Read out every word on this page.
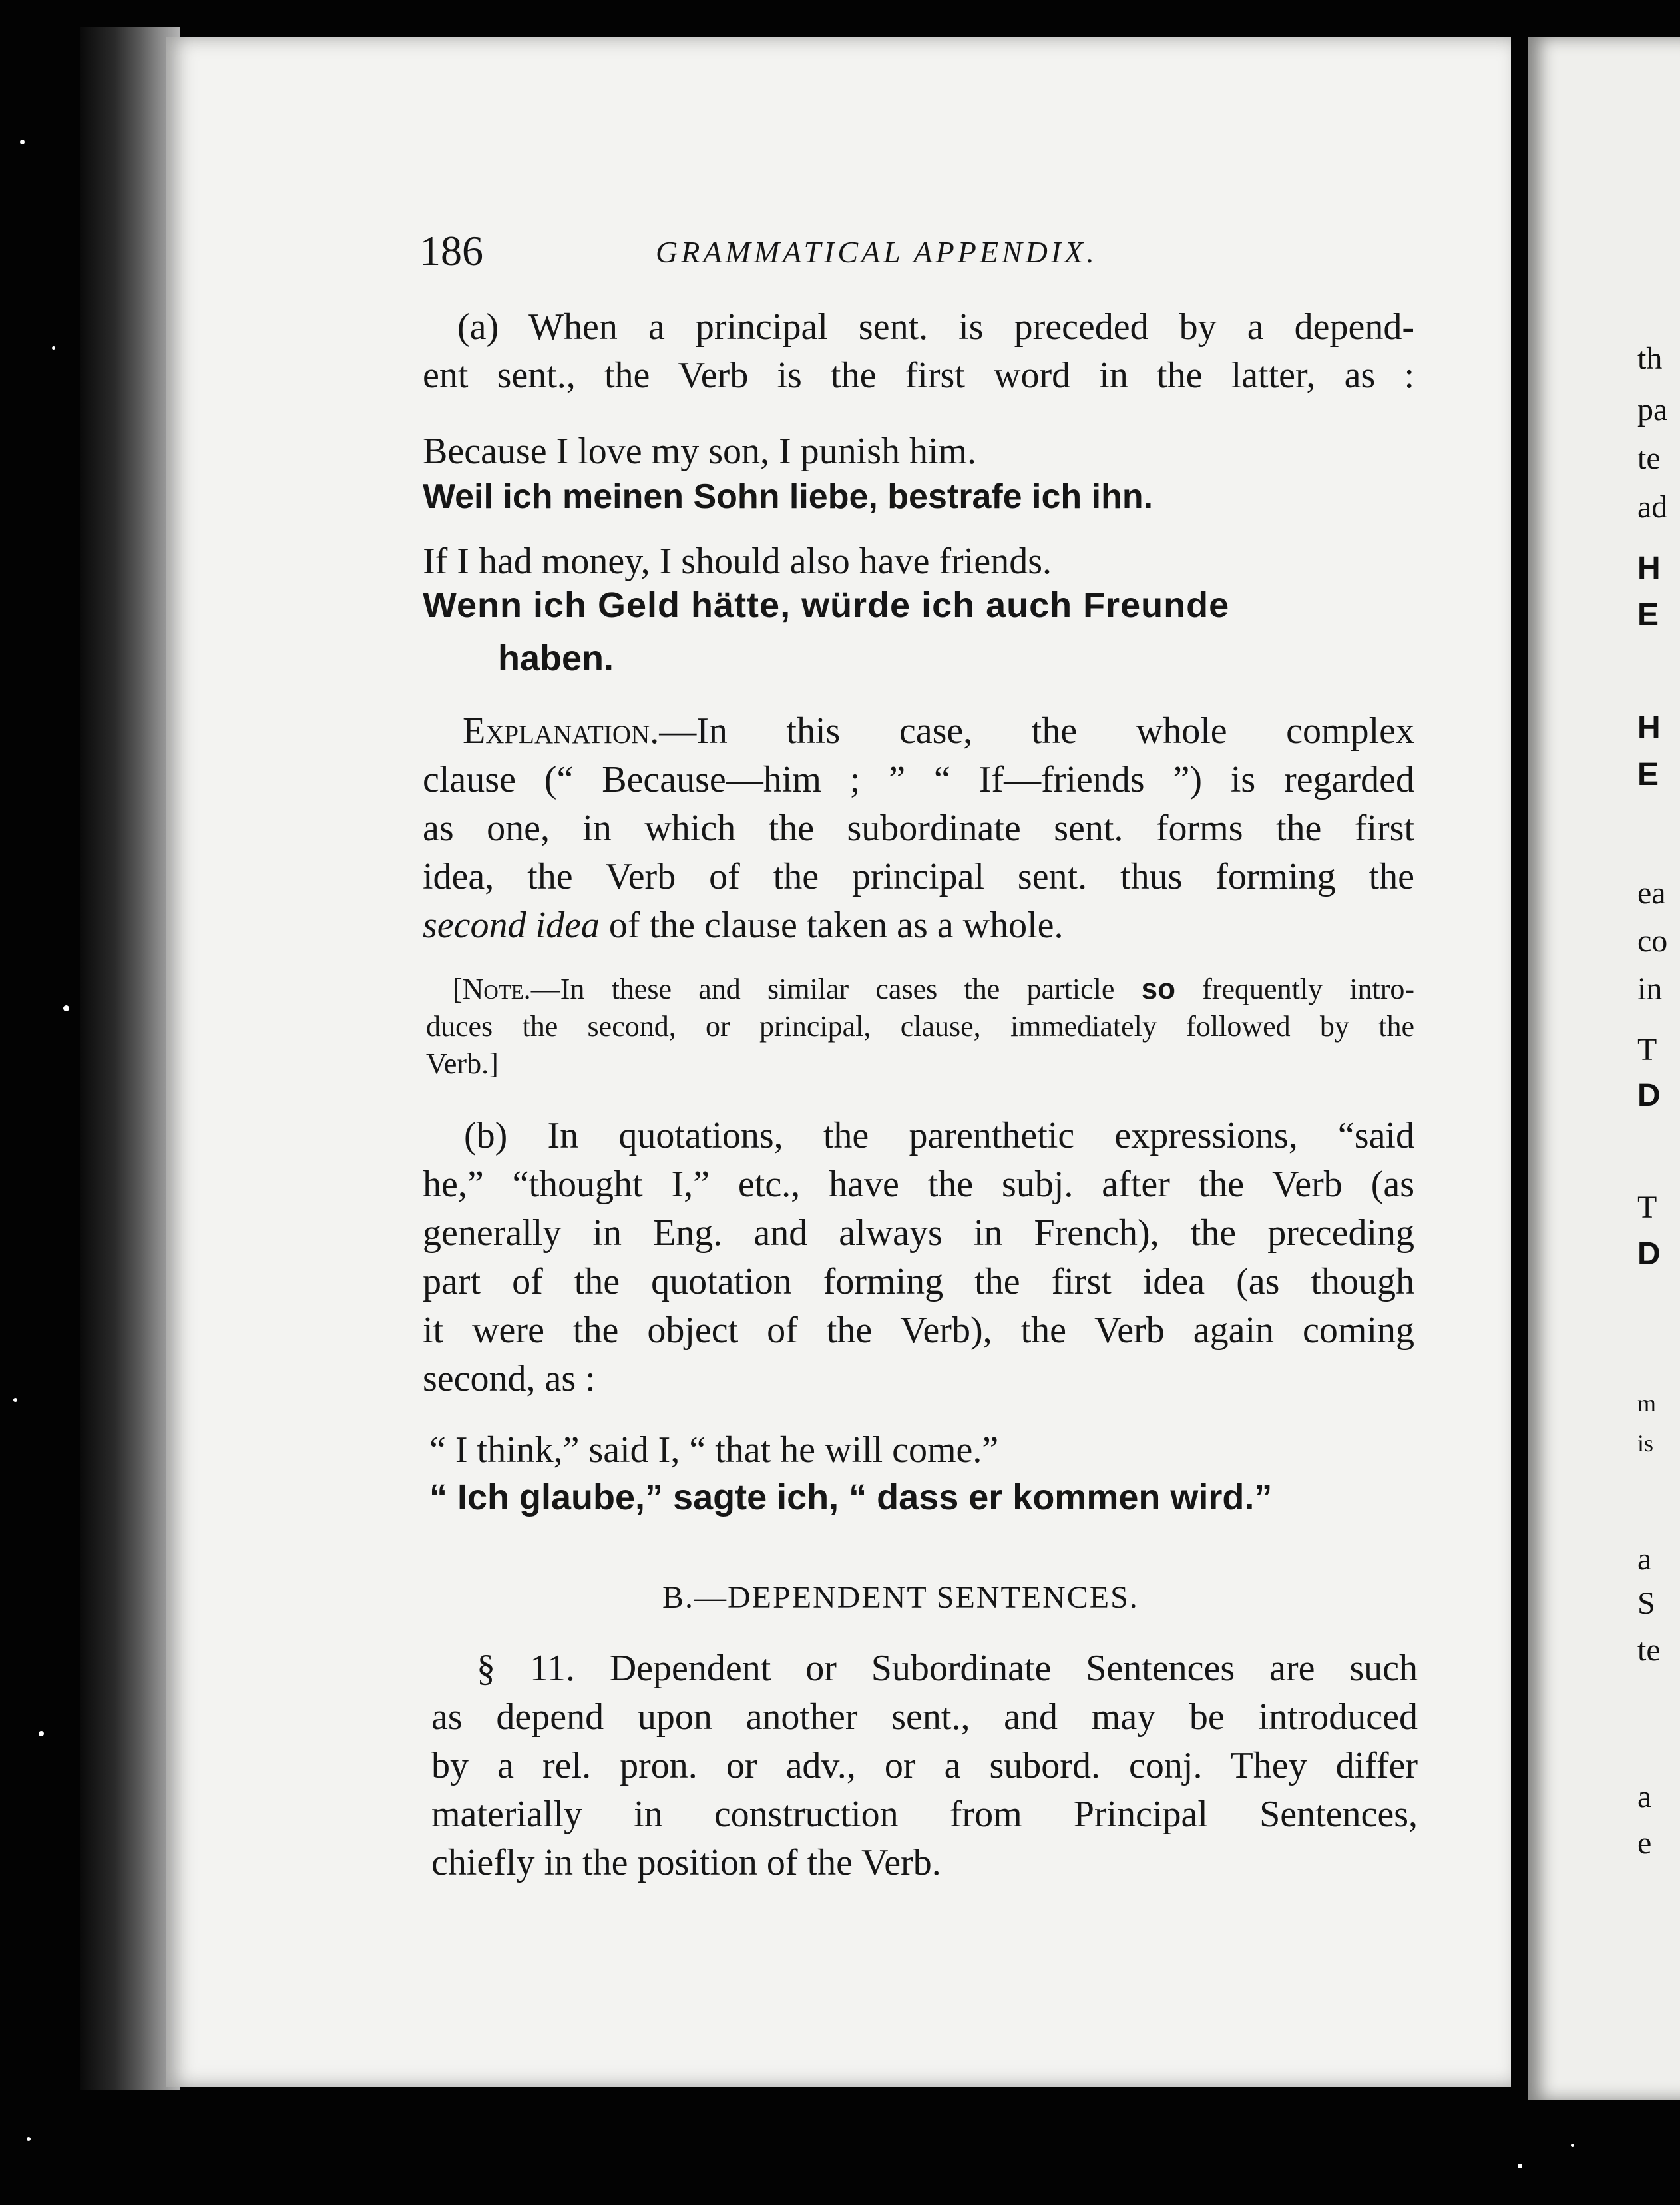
th
pa
te
ad
H
E
H
E
ea
co
in
T
D
T
D
m
is
a
S
te
a
e
186	GRAMMATICAL APPENDIX.
(a) When a principal sent. is preceded by a depend-
ent sent., the Verb is the first word in the latter, as :
Because I love my son, I punish him.
Weil ich meinen Sohn liebe, bestrafe ich ihn.
If I had money, I should also have friends.
Wenn ich Geld hätte, würde ich auch Freunde
haben.
Explanation.—In this case, the whole complex
clause (“ Because—him ; ” “ If—friends ”) is regarded
as one, in which the subordinate sent. forms the first
idea, the Verb of the principal sent. thus forming the
second idea of the clause taken as a whole.
[Note.—In these and similar cases the particle so frequently intro-
duces the second, or principal, clause, immediately followed by the
Verb.]
(b) In quotations, the parenthetic expressions, “said
he,” “thought I,” etc., have the subj. after the Verb (as
generally in Eng. and always in French), the preceding
part of the quotation forming the first idea (as though
it were the object of the Verb), the Verb again coming
second, as :
“ I think,” said I, “ that he will come.”
“ Ich glaube,” sagte ich, “ dass er kommen wird.”
B.—DEPENDENT SENTENCES.
§ 11. Dependent or Subordinate Sentences are such
as depend upon another sent., and may be introduced
by a rel. pron. or adv., or a subord. conj. They differ
materially in construction from Principal Sentences,
chiefly in the position of the Verb.
